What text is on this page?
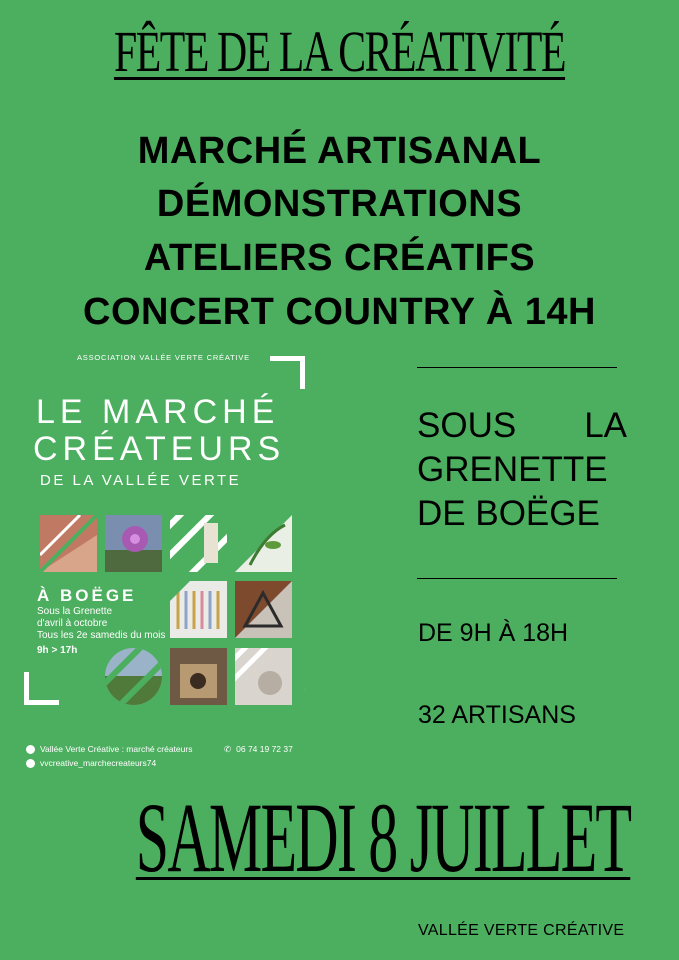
FÊTE DE LA CRÉATIVITÉ
MARCHÉ ARTISANAL
DÉMONSTRATIONS
ATELIERS CRÉATIFS
CONCERT COUNTRY À 14H
ASSOCIATION VALLÉE VERTE CRÉATIVE
LE MARCHÉ
CRÉATEURS
DE LA VALLÉE VERTE
À BOËGE
Sous la Grenette
d'avril à octobre
Tous les 2e samedis du mois
9h > 17h
·
Vallée Verte Créative : marché créateurs	✆ 06 74 19 72 37
vvcreative_marchecreateurs74
SOUS LA
GRENETTE
DE BOËGE
DE 9H À 18H
32 ARTISANS
SAMEDI 8 JUILLET
VALLÉE VERTE CRÉATIVE
